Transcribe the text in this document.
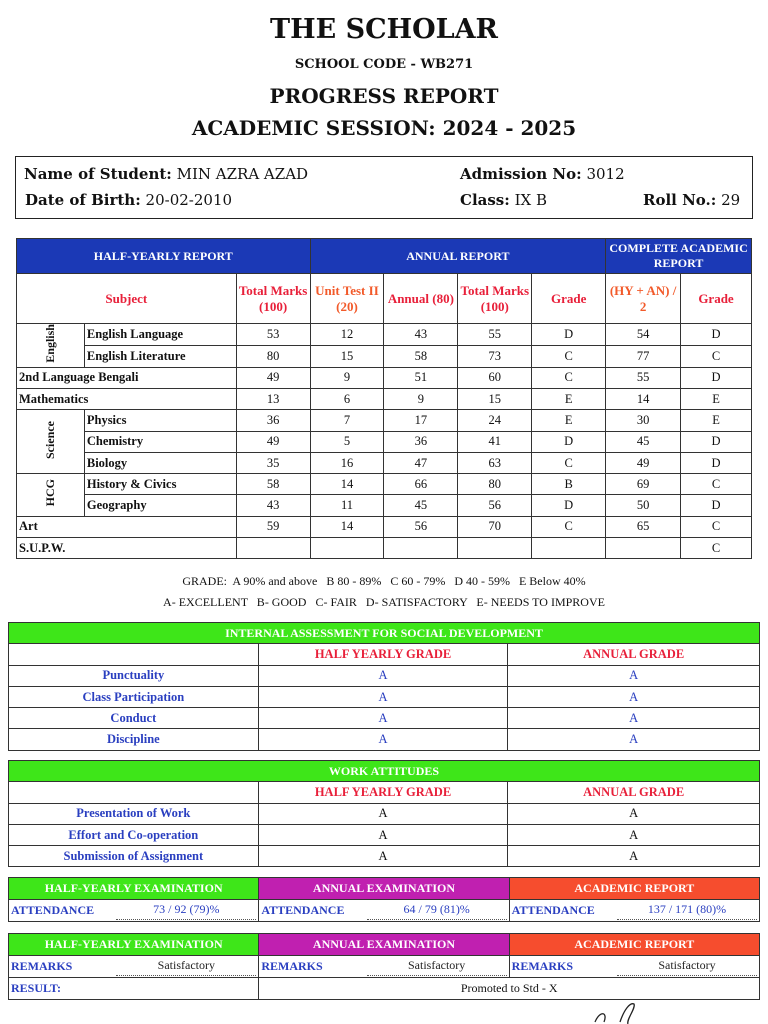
THE SCHOLAR
SCHOOL CODE - WB271
PROGRESS REPORT
ACADEMIC SESSION: 2024 - 2025
Name of Student: MIN AZRA AZAD	Admission No: 3012
Date of Birth: 20-02-2010	Class: IX B	Roll No.: 29
HALF-YEARLY REPORT			ANNUAL REPORT				COMPLETE ACADEMIC REPORT	
Subject		Total Marks (100)	Unit Test II (20)	Annual (80)	Total Marks (100)	Grade	(HY + AN) / 2	Grade
English	English Language	53	12	43	55	D	54	D
	English Literature	80	15	58	73	C	77	C
2nd Language Bengali		49	9	51	60	C	55	D
Mathematics		13	6	9	15	E	14	E
Science	Physics	36	7	17	24	E	30	E
	Chemistry	49	5	36	41	D	45	D
	Biology	35	16	47	63	C	49	D
HCG	History & Civics	58	14	66	80	B	69	C
	Geography	43	11	45	56	D	50	D
Art		59	14	56	70	C	65	C
S.U.P.W.								C
GRADE:  A 90% and above   B 80 - 89%   C 60 - 79%   D 40 - 59%   E Below 40%
A- EXCELLENT   B- GOOD   C- FAIR   D- SATISFACTORY   E- NEEDS TO IMPROVE
INTERNAL ASSESSMENT FOR SOCIAL DEVELOPMENT		
	HALF YEARLY GRADE	ANNUAL GRADE
Punctuality	A	A
Class Participation	A	A
Conduct	A	A
Discipline	A	A
WORK ATTITUDES		
	HALF YEARLY GRADE	ANNUAL GRADE
Presentation of Work	A	A
Effort and Co-operation	A	A
Submission of Assignment	A	A
HALF-YEARLY EXAMINATION		ANNUAL EXAMINATION		ACADEMIC REPORT	
ATTENDANCE	73 / 92 (79)%	ATTENDANCE	64 / 79 (81)%	ATTENDANCE	137 / 171 (80)%
HALF-YEARLY EXAMINATION		ANNUAL EXAMINATION		ACADEMIC REPORT	
REMARKS	Satisfactory	REMARKS	Satisfactory	REMARKS	Satisfactory
RESULT:		Promoted to Std - X			
